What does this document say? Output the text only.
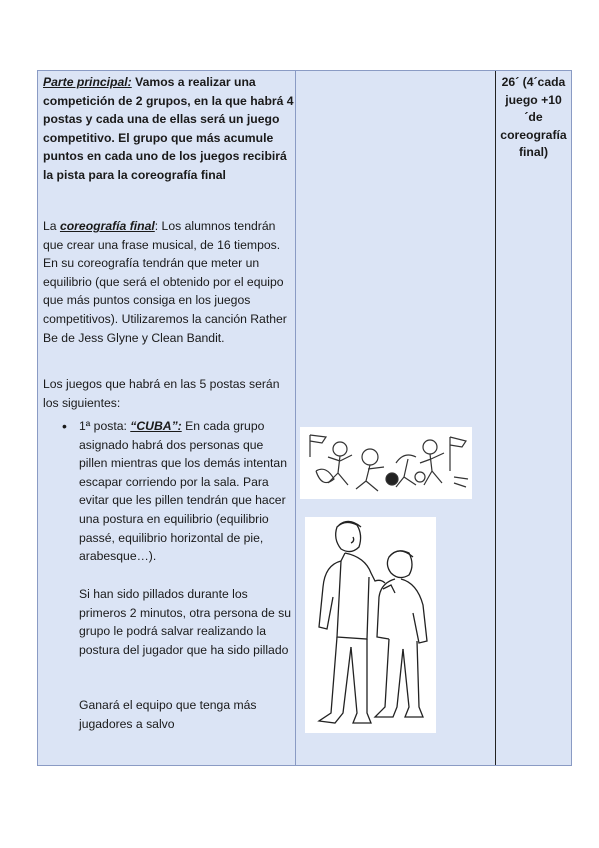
Parte principal: Vamos a realizar una competición de 2 grupos, en la que habrá 4 postas y cada una de ellas será un juego competitivo. El grupo que más acumule puntos en cada uno de los juegos recibirá la pista para la coreografía final
La coreografía final: Los alumnos tendrán que crear una frase musical, de 16 tiempos. En su coreografía tendrán que meter un equilibrio (que será el obtenido por el equipo que más puntos consiga en los juegos competitivos). Utilizaremos la canción Rather Be de Jess Glyne y Clean Bandit.
Los juegos que habrá en las 5 postas serán los siguientes:
• 1ª posta: “CUBA”: En cada grupo asignado habrá dos personas que pillen mientras que los demás intentan escapar corriendo por la sala. Para evitar que les pillen tendrán que hacer una postura en equilibrio (equilibrio passé, equilibrio horizontal de pie, arabesque…).
Si han sido pillados durante los primeros 2 minutos, otra persona de su grupo le podrá salvar realizando la postura del jugador que ha sido pillado
Ganará el equipo que tenga más jugadores a salvo
26´ (4´cada
juego +10
´de
coreografía
final)
